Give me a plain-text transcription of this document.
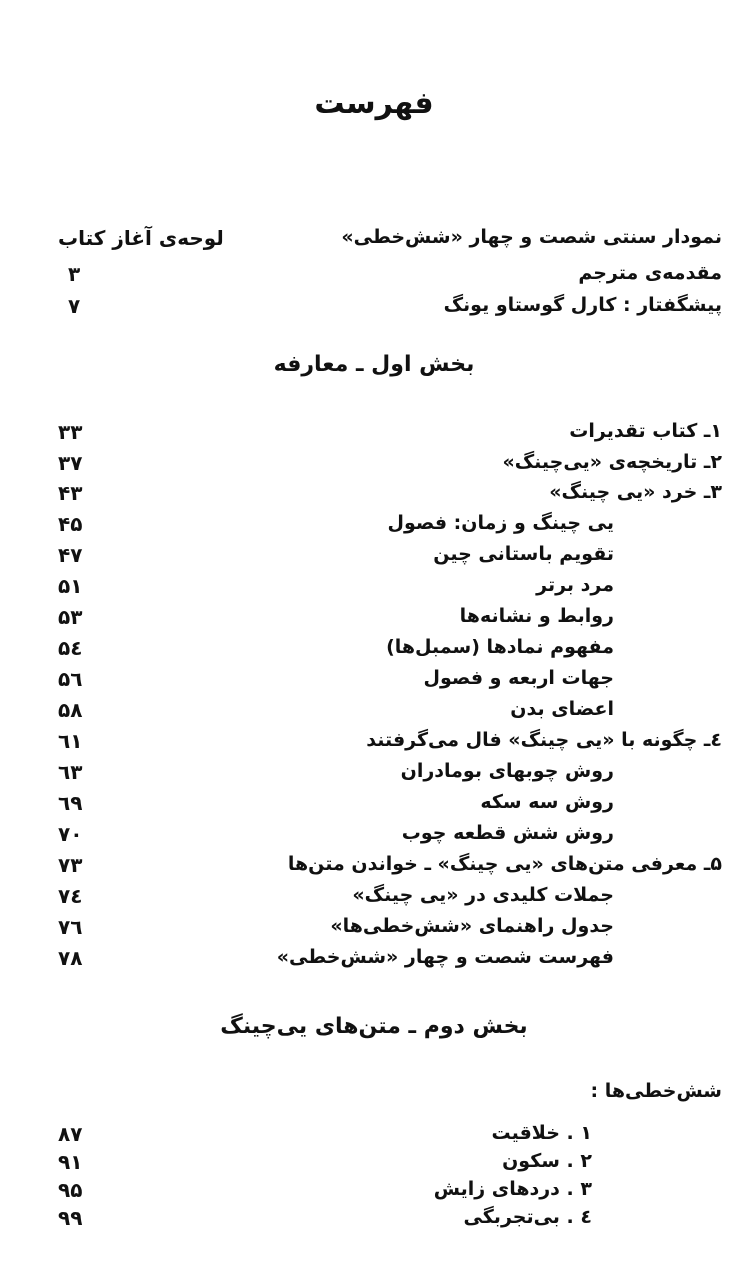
فهرست
نمودار سنتی شصت و چهار «شش‌خطی»
لوحه‌ی آغاز کتاب
مقدمه‌ی مترجم
۳
پیشگفتار : کارل گوستاو یونگ
۷
بخش اول ـ معارفه
۱ـ کتاب تقدیرات
۳۳
۲ـ تاریخچه‌ی «یی‌چینگ»
۳۷
۳ـ خرد «یی چینگ»
۴۳
یی چینگ و زمان: فصول
۴۵
تقویم باستانی چین
۴۷
مرد برتر
۵۱
روابط و نشانه‌ها
۵۳
مفهوم نمادها (سمبل‌ها)
۵٤
جهات اربعه و فصول
۵٦
اعضای بدن
۵۸
٤ـ چگونه با «یی چینگ» فال می‌گرفتند
٦۱
روش چوبهای بومادران
٦۳
روش سه سکه
٦۹
روش شش قطعه چوب
۷۰
۵ـ معرفی متن‌های «یی چینگ» ـ خواندن متن‌ها
۷۳
جملات کلیدی در «یی چینگ»
۷٤
جدول راهنمای «شش‌خطی‌ها»
۷٦
فهرست شصت و چهار «شش‌خطی»
۷۸
بخش دوم ـ متن‌های یی‌چینگ
شش‌خطی‌ها :
۱ . خلاقیت
۸۷
۲ . سکون
۹۱
۳ . دردهای زایش
۹۵
٤ . بی‌تجربگی
۹۹
